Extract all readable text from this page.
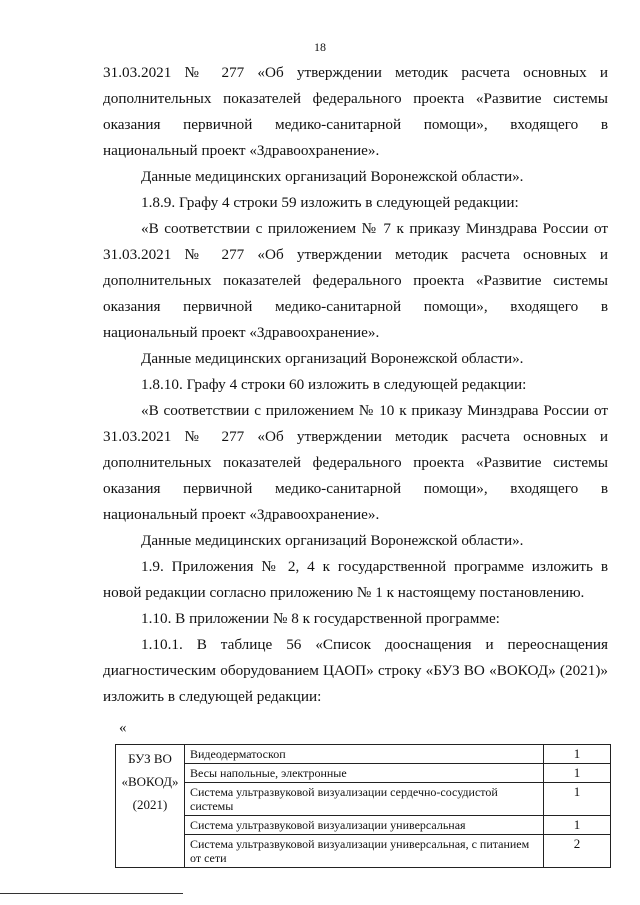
18

31.03.2021 № 277 «Об утверждении методик расчета основных и дополнительных показателей федерального проекта «Развитие системы оказания первичной медико-санитарной помощи», входящего в национальный проект «Здравоохранение».

Данные медицинских организаций Воронежской области».

1.8.9. Графу 4 строки 59 изложить в следующей редакции:

«В соответствии с приложением № 7 к приказу Минздрава России от 31.03.2021 № 277 «Об утверждении методик расчета основных и дополнительных показателей федерального проекта «Развитие системы оказания первичной медико-санитарной помощи», входящего в национальный проект «Здравоохранение».

Данные медицинских организаций Воронежской области».

1.8.10. Графу 4 строки 60 изложить в следующей редакции:

«В соответствии с приложением № 10 к приказу Минздрава России от 31.03.2021 № 277 «Об утверждении методик расчета основных и дополнительных показателей федерального проекта «Развитие системы оказания первичной медико-санитарной помощи», входящего в национальный проект «Здравоохранение».

Данные медицинских организаций Воронежской области».

1.9. Приложения № 2, 4 к государственной программе изложить в новой редакции согласно приложению № 1 к настоящему постановлению.

1.10. В приложении № 8 к государственной программе:

1.10.1. В таблице 56 «Список дооснащения и переоснащения диагностическим оборудованием ЦАОП» строку «БУЗ ВО «ВОКОД» (2021)» изложить в следующей редакции:

«
БУЗ ВО
«ВОКОД»
(2021)	Видеодерматоскоп	1
	Весы напольные, электронные	1
	Система ультразвуковой визуализации сердечно-сосудистой системы	1
	Система ультразвуковой визуализации универсальная	1
	Система ультразвуковой визуализации универсальная, с питанием от сети	2
